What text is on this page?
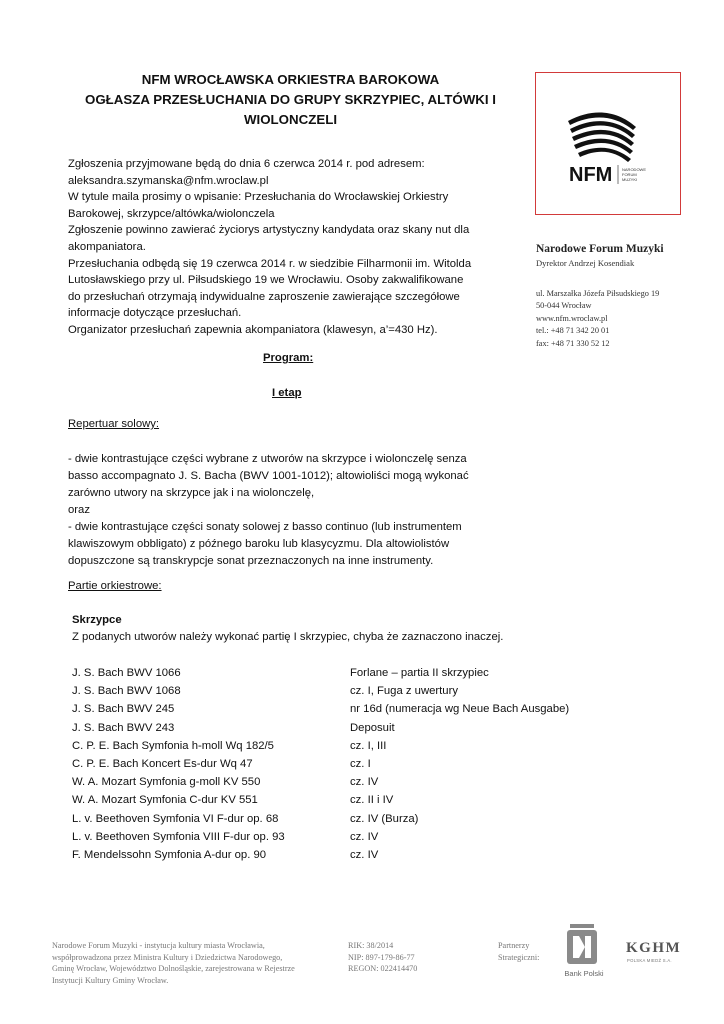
NFM WROCŁAWSKA ORKIESTRA BAROKOWA
OGŁASZA PRZESŁUCHANIA DO GRUPY SKRZYPIEC, ALTÓWKI I
WIOLONCZELI
Zgłoszenia przyjmowane będą do dnia 6 czerwca 2014 r. pod adresem:
aleksandra.szymanska@nfm.wroclaw.pl
W tytule maila prosimy o wpisanie: Przesłuchania do Wrocławskiej Orkiestry
Barokowej, skrzypce/altówka/wiolonczela
Zgłoszenie powinno zawierać życiorys artystyczny kandydata oraz skany nut dla
akompaniatora.
Przesłuchania odbędą się 19 czerwca 2014 r. w siedzibie Filharmonii im. Witolda
Lutosławskiego przy ul. Piłsudskiego 19 we Wrocławiu. Osoby zakwalifikowane
do przesłuchań otrzymają indywidualne zaproszenie zawierające szczegółowe
informacje dotyczące przesłuchań.
Organizator przesłuchań zapewnia akompaniatora (klawesyn, a’=430 Hz).
Program:
I etap
Repertuar solowy:
- dwie kontrastujące części wybrane z utworów na skrzypce i wiolonczelę senza
basso accompagnato J. S. Bacha (BWV 1001-1012); altowioliści mogą wykonać
zarówno utwory na skrzypce jak i na wiolonczelę,
oraz
- dwie kontrastujące części sonaty solowej z basso continuo (lub instrumentem
klawiszowym obbligato) z późnego baroku lub klasycyzmu. Dla altowiolistów
dopuszczone są transkrypcje sonat przeznaczonych na inne instrumenty.
Partie orkiestrowe:
Skrzypce
Z podanych utworów należy wykonać partię I skrzypiec, chyba że zaznaczono inaczej.
J. S. Bach BWV 1066	Forlane – partia II skrzypiec
J. S. Bach BWV 1068	cz. I, Fuga z uwertury
J. S. Bach BWV 245	nr 16d (numeracja wg Neue Bach Ausgabe)
J. S. Bach BWV 243	Deposuit
C. P. E. Bach Symfonia h-moll Wq 182/5	cz. I, III
C. P. E. Bach Koncert Es-dur Wq 47	cz. I
W. A. Mozart Symfonia g-moll KV 550	cz. IV
W. A. Mozart Symfonia C-dur KV 551	cz. II i IV
L. v. Beethoven Symfonia VI F-dur op. 68	cz. IV (Burza)
L. v. Beethoven Symfonia VIII F-dur op. 93	cz. IV
F. Mendelssohn Symfonia A-dur op. 90	cz. IV
NFM NARODOWE
FORUM
MUZYKI
Narodowe Forum Muzyki
Dyrektor Andrzej Kosendiak
ul. Marszałka Józefa Piłsudskiego 19
50-044 Wrocław
www.nfm.wroclaw.pl
tel.: +48 71 342 20 01
fax: +48 71 330 52 12
Narodowe Forum Muzyki - instytucja kultury miasta Wrocławia,
współprowadzona przez Ministra Kultury i Dziedzictwa Narodowego,
Gminę Wrocław, Województwo Dolnośląskie, zarejestrowana w Rejestrze
Instytucji Kultury Gminy Wrocław.
RIK: 38/2014
NIP: 897-179-86-77
REGON: 022414470
Partnerzy
Strategiczni:
Bank Polski
KGHM
POLSKA MIEDŹ S.A.
